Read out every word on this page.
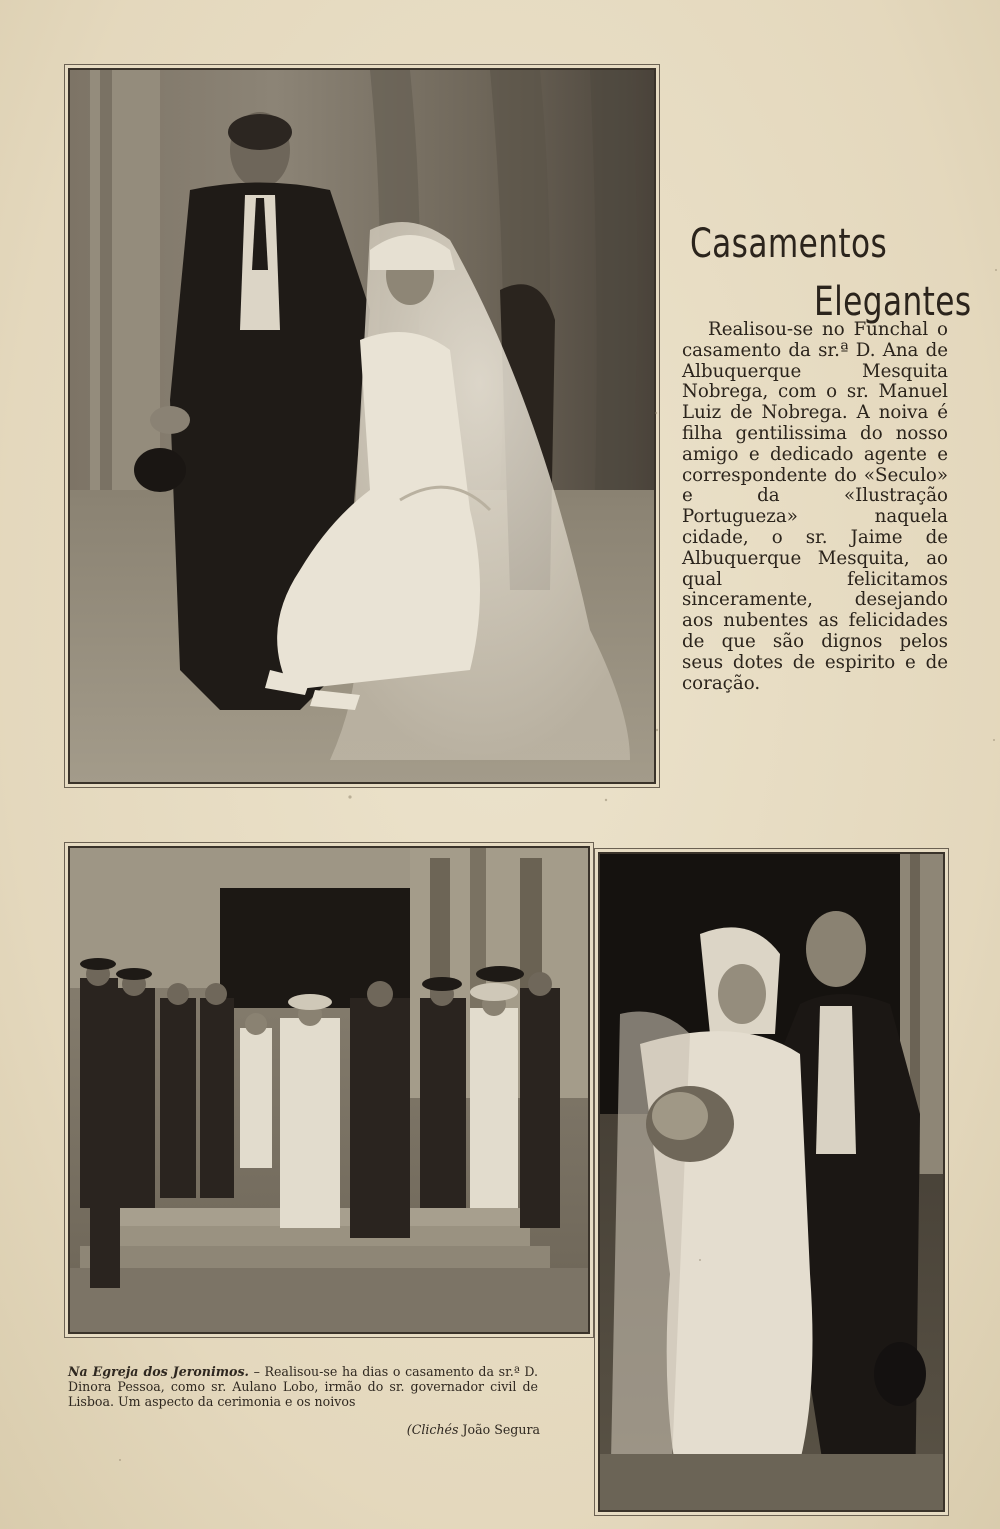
Casamentos
Elegantes

Realisou-se no Funchal o casamento da sr.ª D. Ana de Albuquerque Mesquita Nobrega, com o sr. Manuel Luiz de Nobrega. A noiva é filha gentilissima do nosso amigo e dedicado agente e correspondente do «Seculo» e da «Ilustração Portugueza» naquela cidade, o sr. Jaime de Albuquerque Mesquita, ao qual felicitamos sinceramente, desejando aos nubentes as felicidades de que são dignos pelos seus dotes de espirito e de coração.

Na Egreja dos Jeronimos. – Realisou-se ha dias o casamento da sr.ª D. Dinora Pessoa, como sr. Aulano Lobo, irmão do sr. governador civil de Lisboa. Um aspecto da cerimonia e os noivos

(Clichés João Segura
